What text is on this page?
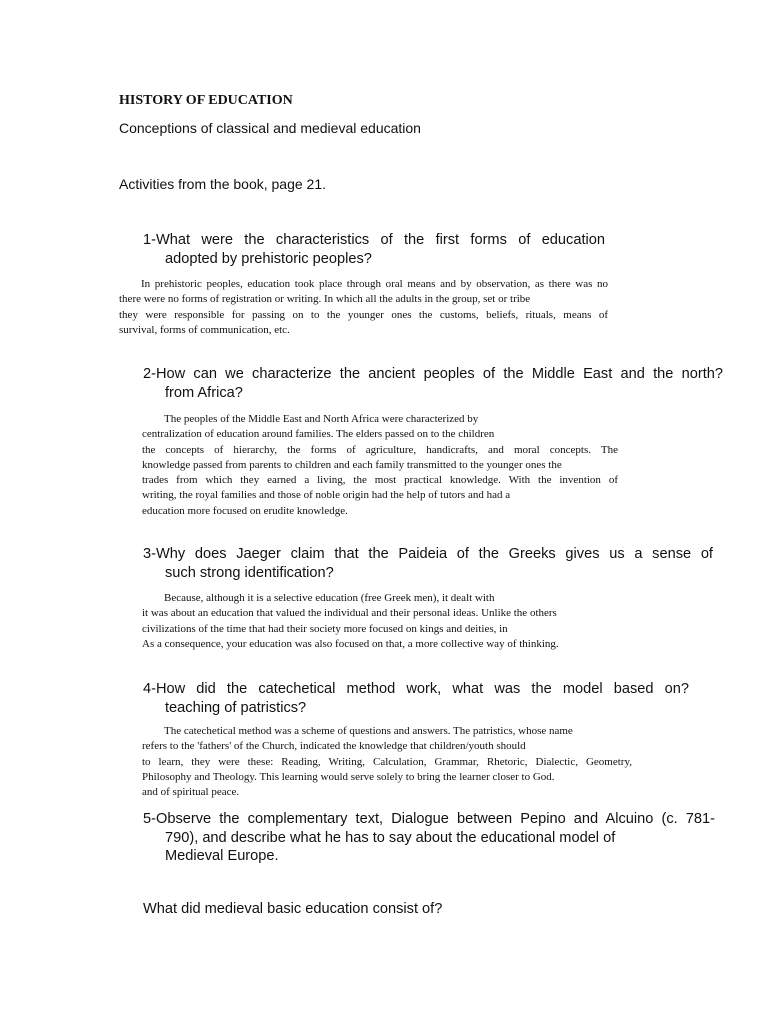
HISTORY OF EDUCATION
Conceptions of classical and medieval education
Activities from the book, page 21.
1-What were the characteristics of the first forms of education
adopted by prehistoric peoples?
In prehistoric peoples, education took place through oral means and by observation, as there was no
there were no forms of registration or writing. In which all the adults in the group, set or tribe
they were responsible for passing on to the younger ones the customs, beliefs, rituals, means of
survival, forms of communication, etc.
2-How can we characterize the ancient peoples of the Middle East and the north?
from Africa?
The peoples of the Middle East and North Africa were characterized by
centralization of education around families. The elders passed on to the children
the concepts of hierarchy, the forms of agriculture, handicrafts, and moral concepts. The
knowledge passed from parents to children and each family transmitted to the younger ones the
trades from which they earned a living, the most practical knowledge. With the invention of
writing, the royal families and those of noble origin had the help of tutors and had a
education more focused on erudite knowledge.
3-Why does Jaeger claim that the Paideia of the Greeks gives us a sense of
such strong identification?
Because, although it is a selective education (free Greek men), it dealt with
it was about an education that valued the individual and their personal ideas. Unlike the others
civilizations of the time that had their society more focused on kings and deities, in
As a consequence, your education was also focused on that, a more collective way of thinking.
4-How did the catechetical method work, what was the model based on?
teaching of patristics?
The catechetical method was a scheme of questions and answers. The patristics, whose name
refers to the 'fathers' of the Church, indicated the knowledge that children/youth should
to learn, they were these: Reading, Writing, Calculation, Grammar, Rhetoric, Dialectic, Geometry,
Philosophy and Theology. This learning would serve solely to bring the learner closer to God.
and of spiritual peace.
5-Observe the complementary text, Dialogue between Pepino and Alcuino (c. 781-
790), and describe what he has to say about the educational model of
Medieval Europe.
What did medieval basic education consist of?
